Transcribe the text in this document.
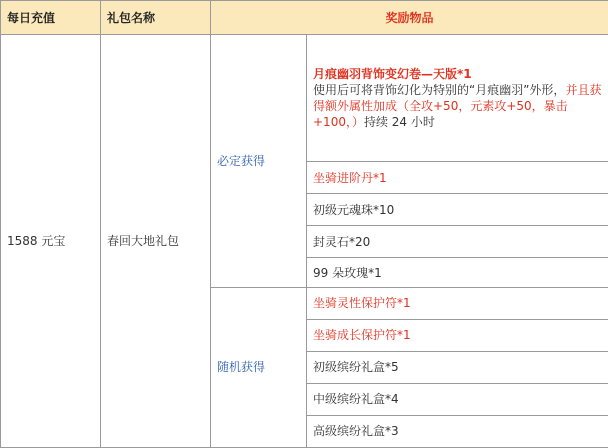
每日充值	礼包名称	奖励物品	
1588 元宝	春回大地礼包	必定获得	月痕幽羽背饰变幻卷—天版*1
使用后可将背饰幻化为特别的“月痕幽羽”外形，并且获得额外属性加成（全攻+50，元素攻+50，暴击+100，）持续 24 小时
			坐骑进阶丹*1
			初级元魂珠*10
			封灵石*20
			99 朵玫瑰*1
		随机获得	坐骑灵性保护符*1
			坐骑成长保护符*1
			初级缤纷礼盒*5
			中级缤纷礼盒*4
			高级缤纷礼盒*3
